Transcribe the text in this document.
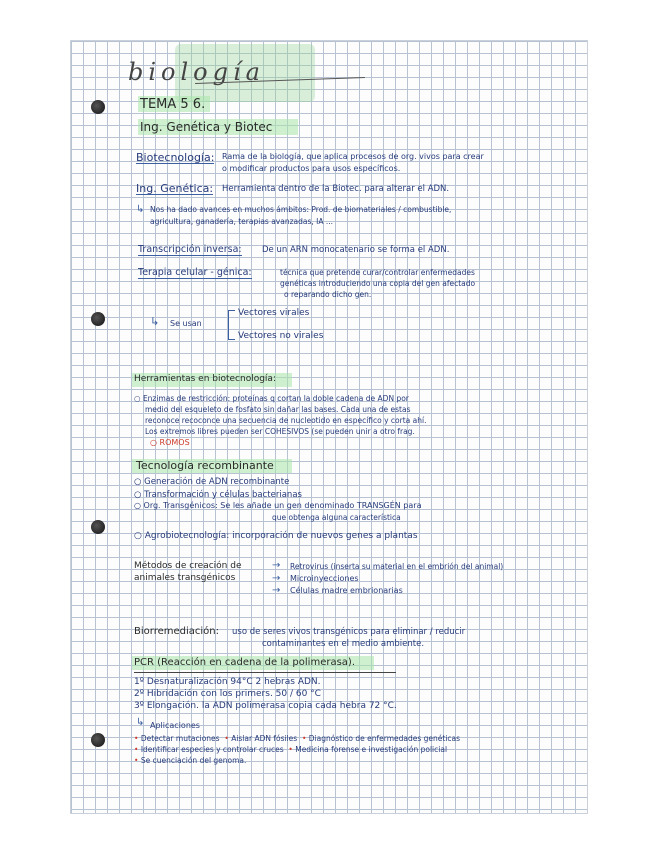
biología
TEMA 5 6.
Ing. Genética y Biotec
Biotecnología: Rama de la biología, que aplica procesos de org. vivos para crear
o modificar productos para usos específicos.
Ing. Genética: Herramienta dentro de la Biotec. para alterar el ADN.
↳ Nos ha dado avances en muchos ámbitos: Prod. de biomateriales / combustible,
agricultura, ganadería, terapias avanzadas, IA ...
Transcripción inversa: De un ARN monocatenario se forma el ADN.
Terapia celular - génica:	técnica que pretende curar/controlar enfermedades
genéticas introduciendo una copia del gen afectado
o reparando dicho gen.
↳ Se usan
Vectores virales
Vectores no virales
Herramientas en biotecnología:
○ Enzimas de restricción: proteínas q cortan la doble cadena de ADN por
medio del esqueleto de fosfato sin dañar las bases. Cada una de estas
reconoce recoconce una secuencia de nucleotido en específico y corta ahí.
Los extremos libres pueden ser COHESIVOS (se pueden unir a otro frag.
○ ROMOS
Tecnología recombinante
○ Generación de ADN recombinante
○ Transformación y células bacterianas
○ Org. Transgénicos: Se les añade un gen denominado TRANSGÉN para
que obtenga alguna característica
○ Agrobiotecnología: incorporación de nuevos genes a plantas
Métodos de creación de
animales transgénicos
→
→
→
Retrovirus (inserta su material en el embrión del animal)
Microinyecciones
Células madre embrionarias
Biorremediación: uso de seres vivos transgénicos para eliminar / reducir
contaminantes en el medio ambiente.
PCR (Reacción en cadena de la polimerasa).
1º Desnaturalización 94°C 2 hebras ADN.
2º Hibridación con los primers. 50 / 60 °C
3º Elongación. la ADN polimerasa copia cada hebra 72 °C.
↳ Aplicaciones
• Detectar mutaciones • Aislar ADN fósiles • Diagnóstico de enfermedades genéticas
• Identificar especies y controlar cruces • Medicina forense e investigación policial
• Se cuenciación del genoma.
